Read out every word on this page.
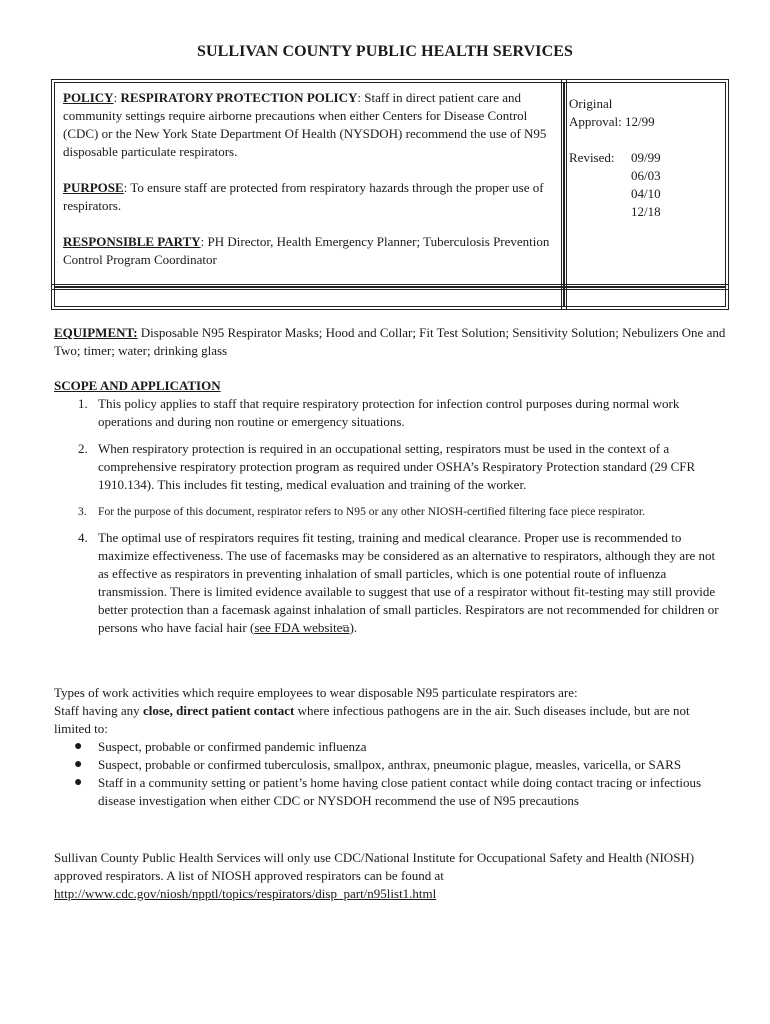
SULLIVAN COUNTY PUBLIC HEALTH SERVICES

POLICY: RESPIRATORY PROTECTION POLICY: Staff in direct patient care and community settings require airborne precautions when either Centers for Disease Control (CDC) or the New York State Department Of Health (NYSDOH) recommend the use of N95 disposable particulate respirators.

PURPOSE: To ensure staff are protected from respiratory hazards through the proper use of respirators.

RESPONSIBLE PARTY: PH Director, Health Emergency Planner; Tuberculosis Prevention Control Program Coordinator

Original
Approval: 12/99
Revised:	09/99
06/03
04/10
12/18
EQUIPMENT: Disposable N95 Respirator Masks; Hood and Collar; Fit Test Solution; Sensitivity Solution; Nebulizers One and Two; timer; water; drinking glass
SCOPE AND APPLICATION
1. This policy applies to staff that require respiratory protection for infection control purposes during normal work operations and during non routine or emergency situations.
2. When respiratory protection is required in an occupational setting, respirators must be used in the context of a comprehensive respiratory protection program as required under OSHA’s Respiratory Protection standard (29 CFR 1910.134). This includes fit testing, medical evaluation and training of the worker.
3. For the purpose of this document, respirator refers to N95 or any other NIOSH-certified filtering face piece respirator.
4. The optimal use of respirators requires fit testing, training and medical clearance. Proper use is recommended to maximize effectiveness. The use of facemasks may be considered as an alternative to respirators, although they are not as effective as respirators in preventing inhalation of small particles, which is one potential route of influenza transmission. There is limited evidence available to suggest that use of a respirator without fit-testing may still provide better protection than a facemask against inhalation of small particles. Respirators are not recommended for children or persons who have facial hair (see FDA website⧉).

Types of work activities which require employees to wear disposable N95 particulate respirators are:

Staff having any close, direct patient contact where infectious pathogens are in the air. Such diseases include, but are not limited to:

● Suspect, probable or confirmed pandemic influenza
● Suspect, probable or confirmed tuberculosis, smallpox, anthrax, pneumonic plague, measles, varicella, or SARS
● Staff in a community setting or patient’s home having close patient contact while doing contact tracing or infectious disease investigation when either CDC or NYSDOH recommend the use of N95 precautions

Sullivan County Public Health Services will only use CDC/National Institute for Occupational Safety and Health (NIOSH) approved respirators. A list of NIOSH approved respirators can be found at

http://www.cdc.gov/niosh/npptl/topics/respirators/disp_part/n95list1.html
